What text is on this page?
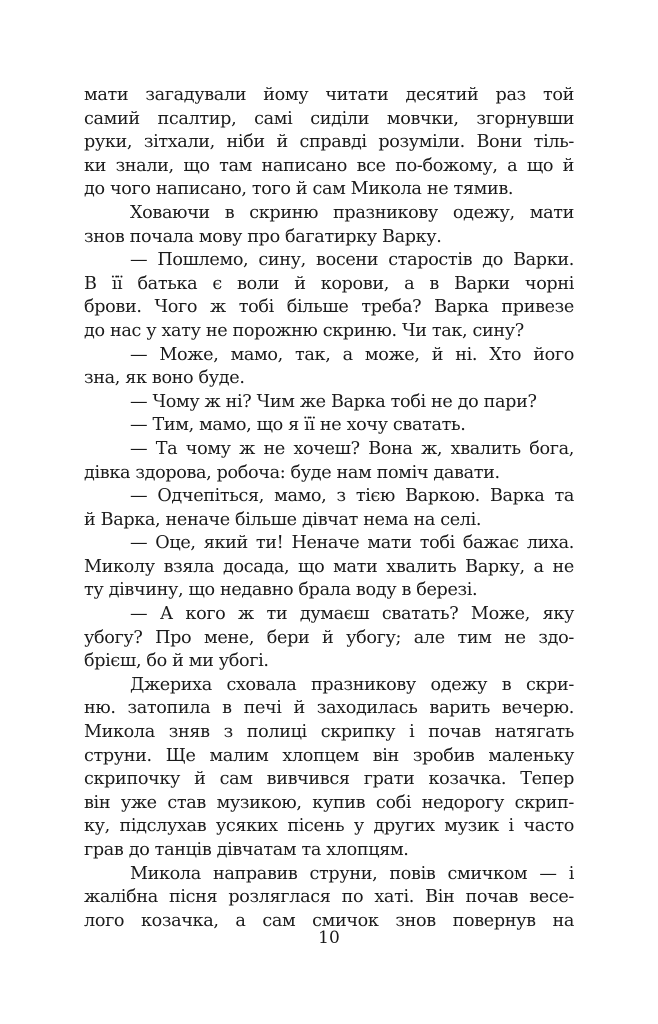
мати загадували йому читати десятий раз той
самий псалтир, самі сиділи мовчки, згорнувши
руки, зітхали, ніби й справді розуміли. Вони тіль-
ки знали, що там написано все по-божому, а що й
до чого написано, того й сам Микола не тямив.
Ховаючи в скриню празникову одежу, мати
знов почала мову про багатирку Варку.
— Пошлемо, сину, восени старостів до Варки.
В її батька є воли й корови, а в Варки чорні
брови. Чого ж тобі більше треба? Варка привезе
до нас у хату не порожню скриню. Чи так, сину?
— Може, мамо, так, а може, й ні. Хто його
зна, як воно буде.
— Чому ж ні? Чим же Варка тобі не до пари?
— Тим, мамо, що я її не хочу сватать.
— Та чому ж не хочеш? Вона ж, хвалить бога,
дівка здорова, робоча: буде нам поміч давати.
— Одчепіться, мамо, з тією Варкою. Варка та
й Варка, неначе більше дівчат нема на селі.
— Оце, який ти! Неначе мати тобі бажає лиха.
Миколу взяла досада, що мати хвалить Варку, а не
ту дівчину, що недавно брала воду в березі.
— А кого ж ти думаєш сватать? Може, яку
убогу? Про мене, бери й убогу; але тим не здо-
брієш, бо й ми убогі.
Джериха сховала празникову одежу в скри-
ню. затопила в печі й заходилась варить вечерю.
Микола зняв з полиці скрипку і почав натягать
струни. Ще малим хлопцем він зробив маленьку
скрипочку й сам вивчився грати козачка. Тепер
він уже став музикою, купив собі недорогу скрип-
ку, підслухав усяких пісень у других музик і часто
грав до танців дівчатам та хлопцям.
Микола направив струни, повів смичком — і
жалібна пісня розляглася по хаті. Він почав весе-
лого козачка, а сам смичок знов повернув на
10
